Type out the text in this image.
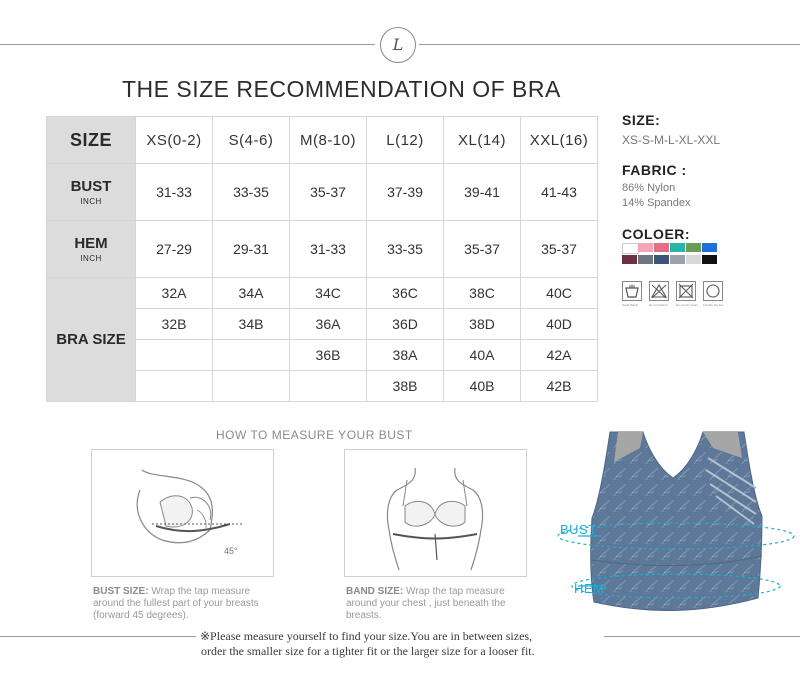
L
THE SIZE RECOMMENDATION OF BRA
SIZE	XS(0-2)	S(4-6)	M(8-10)	L(12)	XL(14)	XXL(16)
BUST
INCH	31-33	33-35	35-37	37-39	39-41	41-43
HEM
INCH	27-29	29-31	31-33	33-35	35-37	35-37
BRA SIZE	32A	34A	34C	36C	38C	40C
	32B	34B	36A	36D	38D	40D
			36B	38A	40A	42A
				38B	40B	42B
SIZE:
XS-S-M-L-XL-XXL
FABRIC :
86% Nylon
14% Spandex
COLOER:
Hand Wash	Do not bleach	Do not dry clean Tumble dry low
HOW TO MEASURE YOUR BUST
45°
BUST SIZE: Wrap the tap measure around the fullest part of your breasts (forward 45 degrees).
BAND SIZE: Wrap the tap measure around your chest , just beneath the breasts.
BUST
HEM
※Please measure yourself to find your size.You are in between sizes,
order the smaller size for a tighter fit or the larger size for a looser fit.
